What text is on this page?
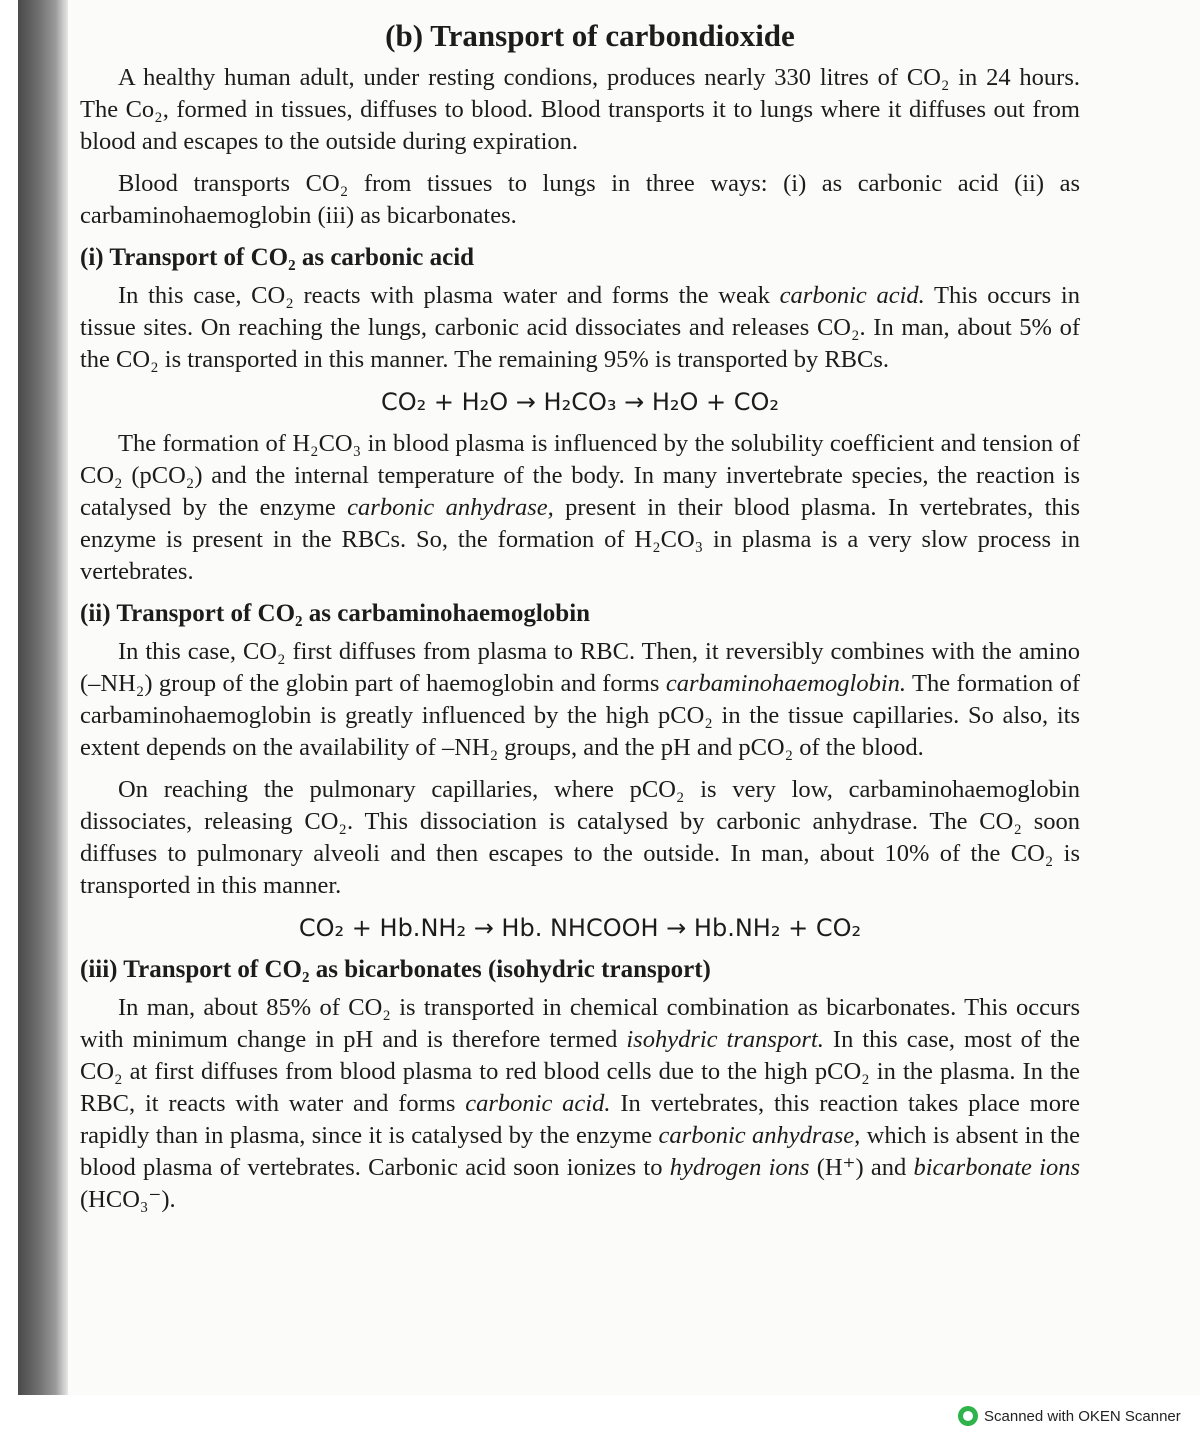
(b) Transport of carbondioxide

A healthy human adult, under resting condions, produces nearly 330 litres of CO₂ in 24 hours. The Co₂, formed in tissues, diffuses to blood. Blood transports it to lungs where it diffuses out from blood and escapes to the outside during expiration.

Blood transports CO₂ from tissues to lungs in three ways: (i) as carbonic acid (ii) as carbaminohaemoglobin (iii) as bicarbonates.

(i) Transport of CO₂ as carbonic acid

In this case, CO₂ reacts with plasma water and forms the weak carbonic acid. This occurs in tissue sites. On reaching the lungs, carbonic acid dissociates and releases CO₂. In man, about 5% of the CO₂ is transported in this manner. The remaining 95% is transported by RBCs.

CO₂ + H₂O → H₂CO₃ → H₂O + CO₂

The formation of H₂CO₃ in blood plasma is influenced by the solubility coefficient and tension of CO₂ (pCO₂) and the internal temperature of the body. In many invertebrate species, the reaction is catalysed by the enzyme carbonic anhydrase, present in their blood plasma. In vertebrates, this enzyme is present in the RBCs. So, the formation of H₂CO₃ in plasma is a very slow process in vertebrates.

(ii) Transport of CO₂ as carbaminohaemoglobin

In this case, CO₂ first diffuses from plasma to RBC. Then, it reversibly combines with the amino (–NH₂) group of the globin part of haemoglobin and forms carbaminohaemoglobin. The formation of carbaminohaemoglobin is greatly influenced by the high pCO₂ in the tissue capillaries. So also, its extent depends on the availability of –NH₂ groups, and the pH and pCO₂ of the blood.

On reaching the pulmonary capillaries, where pCO₂ is very low, carbaminohaemoglobin dissociates, releasing CO₂. This dissociation is catalysed by carbonic anhydrase. The CO₂ soon diffuses to pulmonary alveoli and then escapes to the outside. In man, about 10% of the CO₂ is transported in this manner.

CO₂ + Hb.NH₂ → Hb. NHCOOH → Hb.NH₂ + CO₂
(iii) Transport of CO₂ as bicarbonates (isohydric transport)

In man, about 85% of CO₂ is transported in chemical combination as bicarbonates. This occurs with minimum change in pH and is therefore termed isohydric transport. In this case, most of the CO₂ at first diffuses from blood plasma to red blood cells due to the high pCO₂ in the plasma. In the RBC, it reacts with water and forms carbonic acid. In vertebrates, this reaction takes place more rapidly than in plasma, since it is catalysed by the enzyme carbonic anhydrase, which is absent in the blood plasma of vertebrates. Carbonic acid soon ionizes to hydrogen ions (H⁺) and bicarbonate ions (HCO₃⁻).

Scanned with OKEN Scanner
